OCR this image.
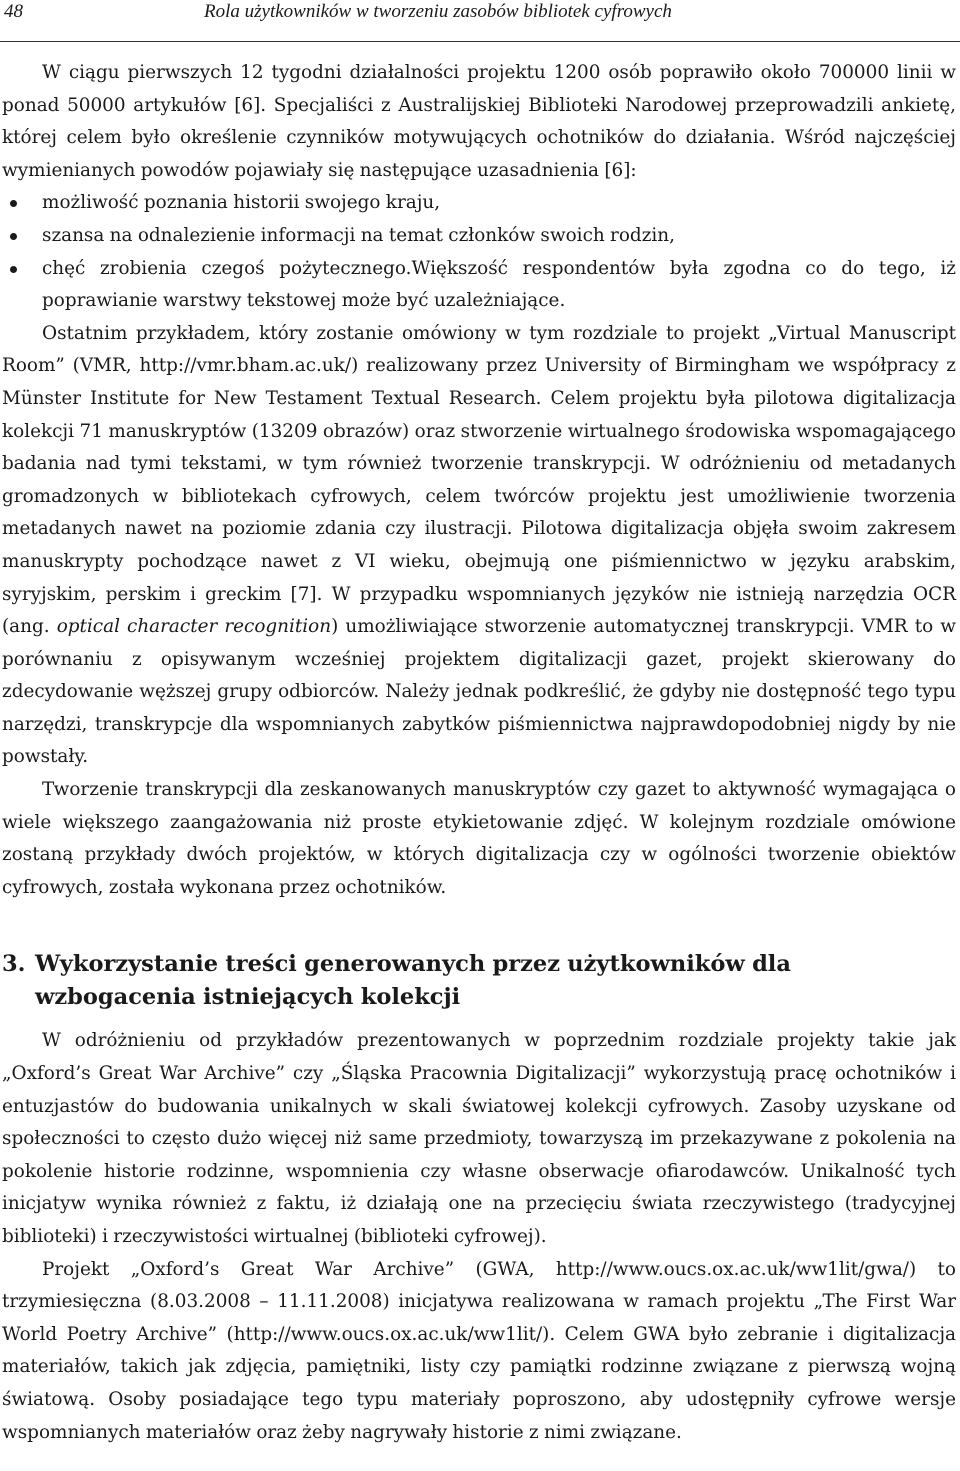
48	Rola użytkowników w tworzeniu zasobów bibliotek cyfrowych

W ciągu pierwszych 12 tygodni działalności projektu 1200 osób poprawiło około 700000 linii w ponad 50000 artykułów [6]. Specjaliści z Australijskiej Biblioteki Narodowej przeprowadzili ankietę, której celem było określenie czynników motywujących ochotników do działania. Wśród najczęściej wymienianych powodów pojawiały się następujące uzasadnienia [6]:

możliwość poznania historii swojego kraju,
szansa na odnalezienie informacji na temat członków swoich rodzin,
chęć zrobienia czegoś pożytecznego.Większość respondentów była zgodna co do tego, iż poprawianie warstwy tekstowej może być uzależniające.

Ostatnim przykładem, który zostanie omówiony w tym rozdziale to projekt „Virtual Manuscript Room” (VMR, http://vmr.bham.ac.uk/) realizowany przez University of Birmingham we współpracy z Münster Institute for New Testament Textual Research. Celem projektu była pilotowa digitalizacja kolekcji 71 manuskryptów (13209 obrazów) oraz stworzenie wirtualnego środowiska wspomagającego badania nad tymi tekstami, w tym również tworzenie transkrypcji. W odróżnieniu od metadanych gromadzonych w bibliotekach cyfrowych, celem twórców projektu jest umożliwienie tworzenia metadanych nawet na poziomie zdania czy ilustracji. Pilotowa digitalizacja objęła swoim zakresem manuskrypty pochodzące nawet z VI wieku, obejmują one piśmiennictwo w języku arabskim, syryjskim, perskim i greckim [7]. W przypadku wspomnianych języków nie istnieją narzędzia OCR (ang. optical character recognition) umożliwiające stworzenie automatycznej transkrypcji. VMR to w porównaniu z opisywanym wcześniej projektem digitalizacji gazet, projekt skierowany do zdecydowanie węższej grupy odbiorców. Należy jednak podkreślić, że gdyby nie dostępność tego typu narzędzi, transkrypcje dla wspomnianych zabytków piśmiennictwa najprawdopodobniej nigdy by nie powstały.

Tworzenie transkrypcji dla zeskanowanych manuskryptów czy gazet to aktywność wymagająca o wiele większego zaangażowania niż proste etykietowanie zdjęć. W kolejnym rozdziale omówione zostaną przykłady dwóch projektów, w których digitalizacja czy w ogólności tworzenie obiektów cyfrowych, została wykonana przez ochotników.

3. Wykorzystanie treści generowanych przez użytkowników dla wzbogacenia istniejących kolekcji

W odróżnieniu od przykładów prezentowanych w poprzednim rozdziale projekty takie jak „Oxford’s Great War Archive” czy „Śląska Pracownia Digitalizacji” wykorzystują pracę ochotników i entuzjastów do budowania unikalnych w skali światowej kolekcji cyfrowych. Zasoby uzyskane od społeczności to często dużo więcej niż same przedmioty, towarzyszą im przekazywane z pokolenia na pokolenie historie rodzinne, wspomnienia czy własne obserwacje ofiarodawców. Unikalność tych inicjatyw wynika również z faktu, iż działają one na przecięciu świata rzeczywistego (tradycyjnej biblioteki) i rzeczywistości wirtualnej (biblioteki cyfrowej).

Projekt „Oxford’s Great War Archive” (GWA, http://www.oucs.ox.ac.uk/ww1lit/gwa/) to trzymiesięczna (8.03.2008 – 11.11.2008) inicjatywa realizowana w ramach projektu „The First War World Poetry Archive” (http://www.oucs.ox.ac.uk/ww1lit/). Celem GWA było zebranie i digitalizacja materiałów, takich jak zdjęcia, pamiętniki, listy czy pamiątki rodzinne związane z pierwszą wojną światową. Osoby posiadające tego typu materiały poproszono, aby udostępniły cyfrowe wersje wspomnianych materiałów oraz żeby nagrywały historie z nimi związane.
